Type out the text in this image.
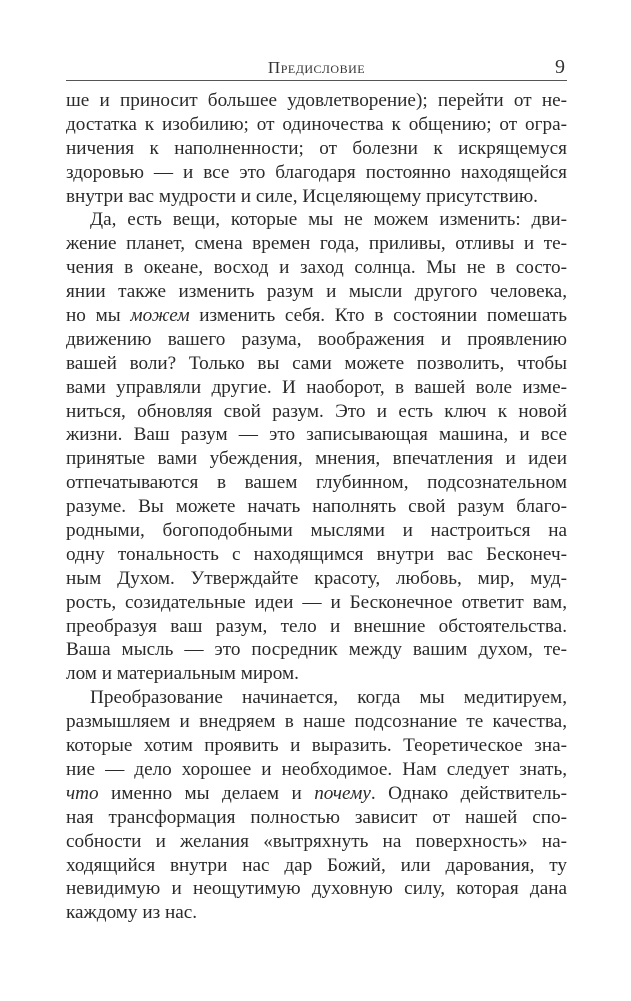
Предисловие	9
ше и приносит большее удовлетворение); перейти от не-
достатка к изобилию; от одиночества к общению; от огра-
ничения к наполненности; от болезни к искрящемуся
здоровью — и все это благодаря постоянно находящейся
внутри вас мудрости и силе, Исцеляющему присутствию.
Да, есть вещи, которые мы не можем изменить: дви-
жение планет, смена времен года, приливы, отливы и те-
чения в океане, восход и заход солнца. Мы не в состо-
янии также изменить разум и мысли другого человека,
но мы можем изменить себя. Кто в состоянии помешать
движению вашего разума, воображения и проявлению
вашей воли? Только вы сами можете позволить, чтобы
вами управляли другие. И наоборот, в вашей воле изме-
ниться, обновляя свой разум. Это и есть ключ к новой
жизни. Ваш разум — это записывающая машина, и все
принятые вами убеждения, мнения, впечатления и идеи
отпечатываются в вашем глубинном, подсознательном
разуме. Вы можете начать наполнять свой разум благо-
родными, богоподобными мыслями и настроиться на
одну тональность с находящимся внутри вас Бесконеч-
ным Духом. Утверждайте красоту, любовь, мир, муд-
рость, созидательные идеи — и Бесконечное ответит вам,
преобразуя ваш разум, тело и внешние обстоятельства.
Ваша мысль — это посредник между вашим духом, те-
лом и материальным миром.
Преобразование начинается, когда мы медитируем,
размышляем и внедряем в наше подсознание те качества,
которые хотим проявить и выразить. Теоретическое зна-
ние — дело хорошее и необходимое. Нам следует знать,
что именно мы делаем и почему. Однако действитель-
ная трансформация полностью зависит от нашей спо-
собности и желания «вытряхнуть на поверхность» на-
ходящийся внутри нас дар Божий, или дарования, ту
невидимую и неощутимую духовную силу, которая дана
каждому из нас.
